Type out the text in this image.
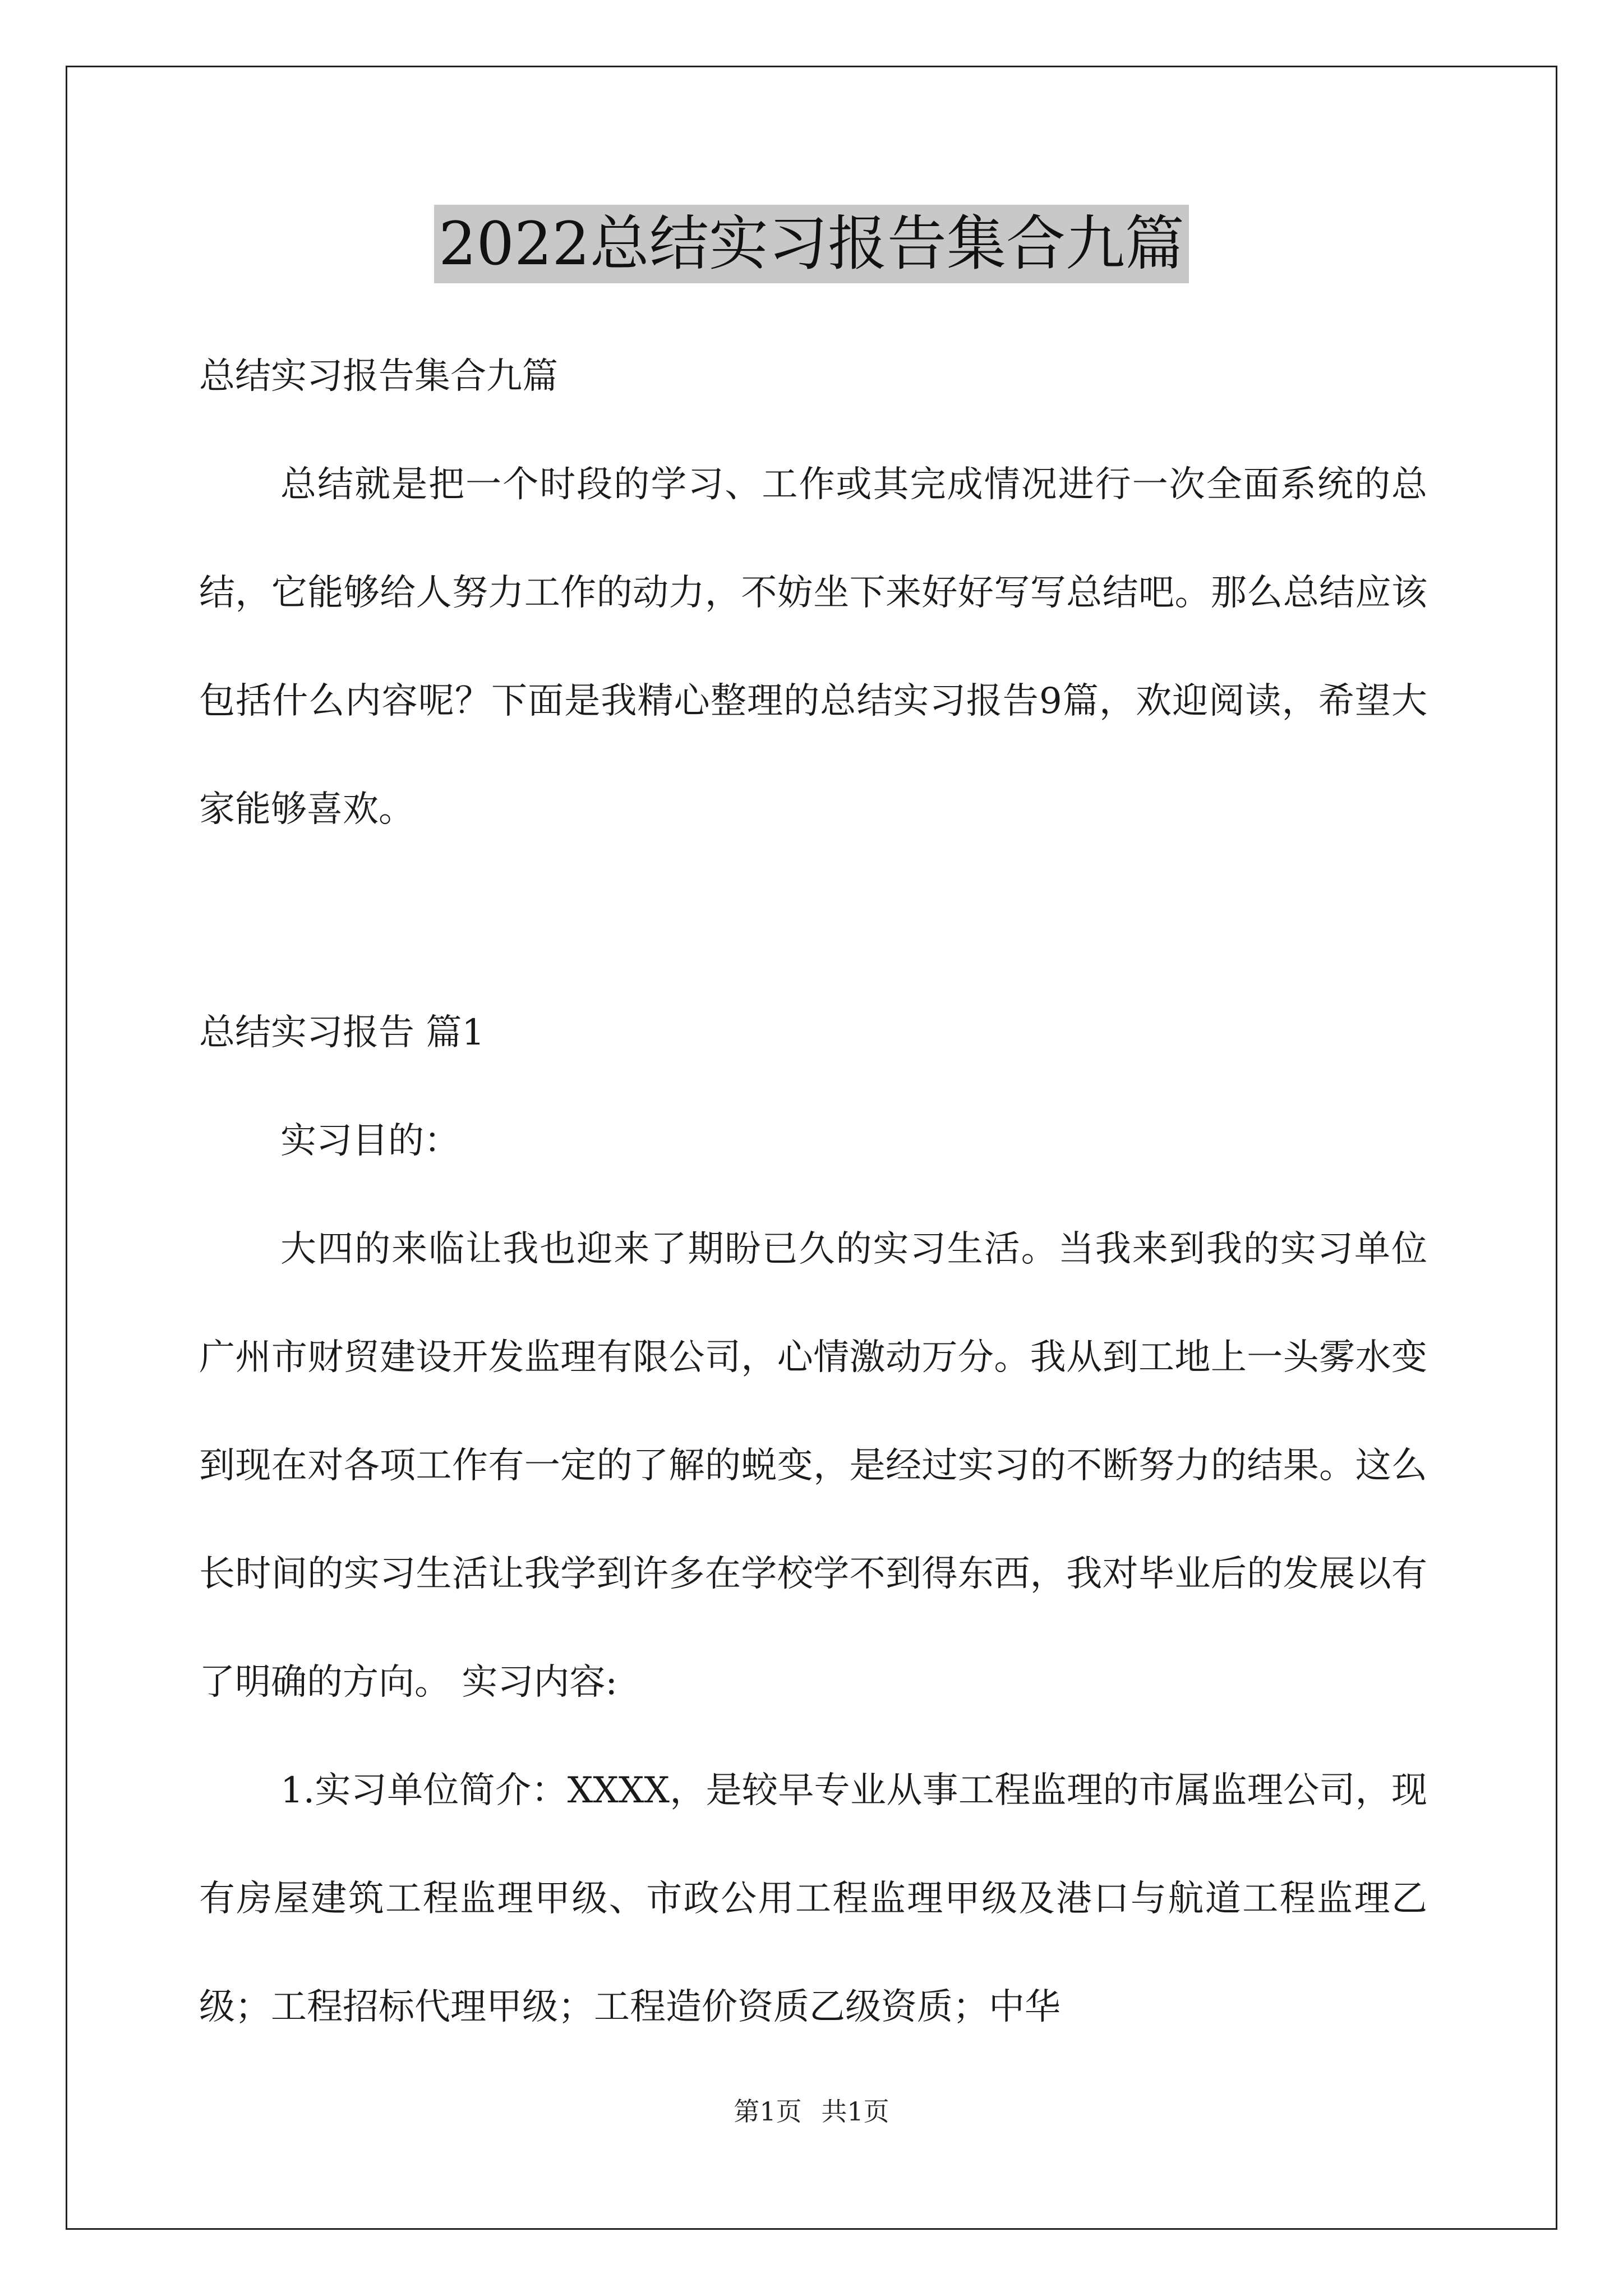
2022总结实习报告集合九篇

总结实习报告集合九篇

总结就是把一个时段的学习、工作或其完成情况进行一次全面系统的总结，它能够给人努力工作的动力，不妨坐下来好好写写总结吧。那么总结应该包括什么内容呢？下面是我精心整理的总结实习报告9篇，欢迎阅读，希望大家能够喜欢。

总结实习报告 篇1

实习目的：

大四的来临让我也迎来了期盼已久的实习生活。当我来到我的实习单位广州市财贸建设开发监理有限公司，心情激动万分。我从到工地上一头雾水变到现在对各项工作有一定的了解的蜕变，是经过实习的不断努力的结果。这么长时间的实习生活让我学到许多在学校学不到得东西，我对毕业后的发展以有了明确的方向。 实习内容:

1.实习单位简介：XXXX，是较早专业从事工程监理的市属监理公司，现有房屋建筑工程监理甲级、市政公用工程监理甲级及港口与航道工程监理乙级；工程招标代理甲级；工程造价资质乙级资质；中华

第1页 共1页
